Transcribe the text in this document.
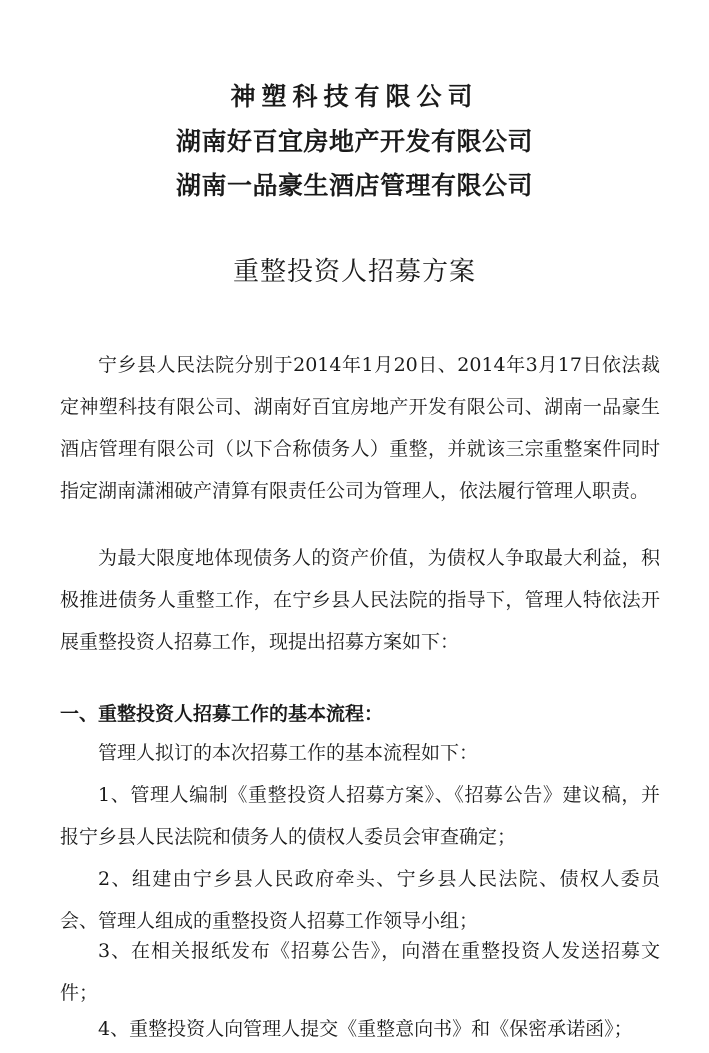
神塑科技有限公司
湖南好百宜房地产开发有限公司
湖南一品豪生酒店管理有限公司
重整投资人招募方案
宁乡县人民法院分别于2014年1月20日、2014年3月17日依法裁定神塑科技有限公司、湖南好百宜房地产开发有限公司、湖南一品豪生酒店管理有限公司（以下合称债务人）重整，并就该三宗重整案件同时指定湖南潇湘破产清算有限责任公司为管理人，依法履行管理人职责。
为最大限度地体现债务人的资产价值，为债权人争取最大利益，积极推进债务人重整工作，在宁乡县人民法院的指导下，管理人特依法开展重整投资人招募工作，现提出招募方案如下：
一、重整投资人招募工作的基本流程：
管理人拟订的本次招募工作的基本流程如下：
1、管理人编制《重整投资人招募方案》、《招募公告》建议稿，并报宁乡县人民法院和债务人的债权人委员会审查确定；
2、组建由宁乡县人民政府牵头、宁乡县人民法院、债权人委员会、管理人组成的重整投资人招募工作领导小组；
3、在相关报纸发布《招募公告》，向潜在重整投资人发送招募文件；
4、重整投资人向管理人提交《重整意向书》和《保密承诺函》；
